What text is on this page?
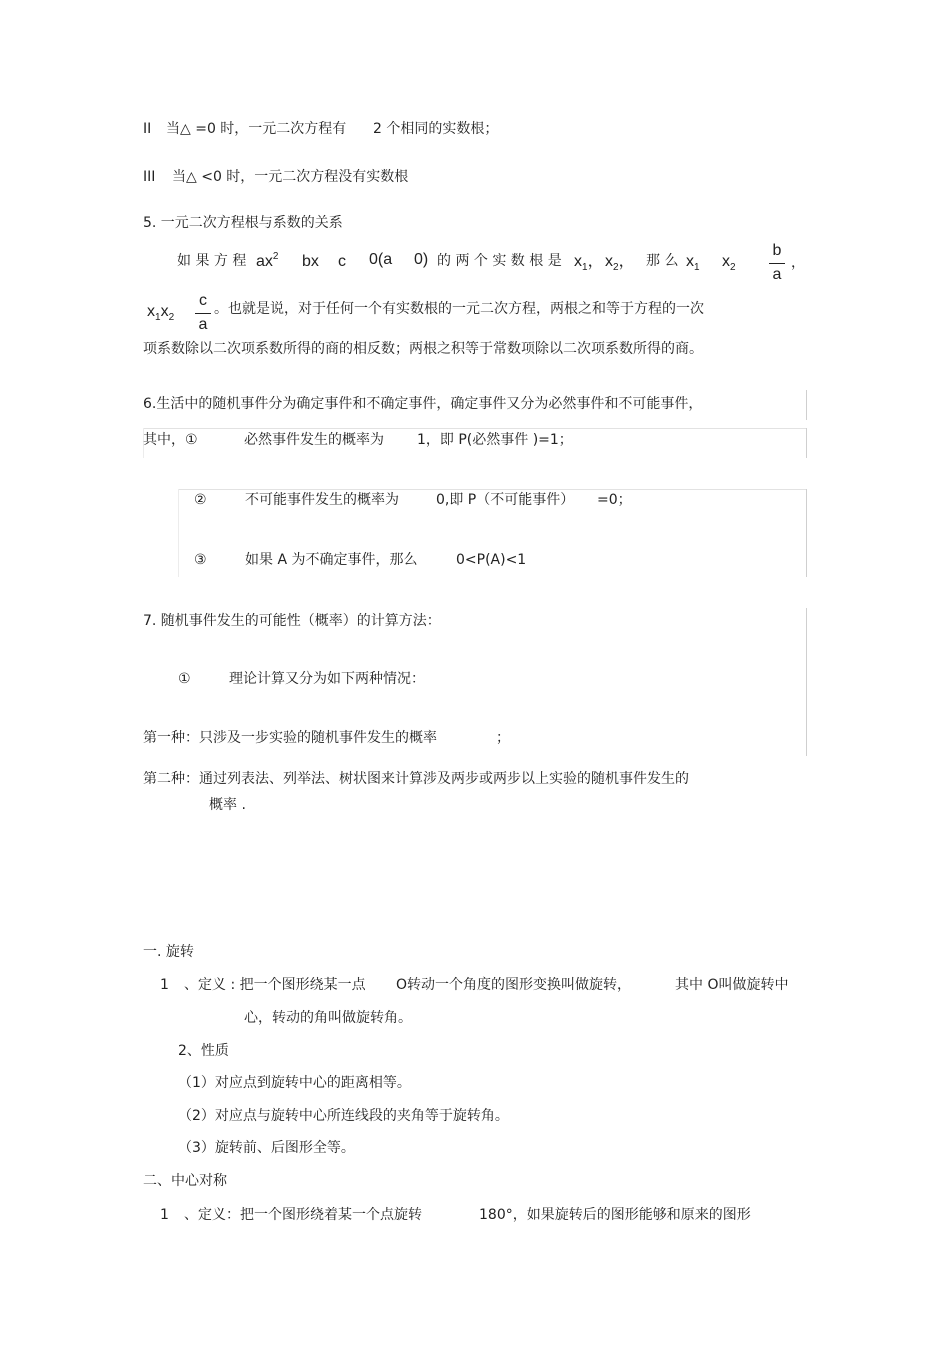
II 当△ =0 时，一元二次方程有 2 个相同的实数根；
III 当△ <0 时，一元二次方程没有实数根
5. 一元二次方程根与系数的关系
如 果 方 程 $ax^2$ bx c 0(a 0) 的 两 个 实 数 根 是 $x_1$， $x_2$， 那 么 $x_1$ $x_2$
b
a
，
$x_1x_2$
c
a
。也就是说，对于任何一个有实数根的一元二次方程，两根之和等于方程的一次
项系数除以二次项系数所得的商的相反数；两根之积等于常数项除以二次项系数所得的商。
6.生活中的随机事件分为确定事件和不确定事件，确定事件又分为必然事件和不可能事件，
其中，①	必然事件发生的概率为 1，即 P(必然事件 )=1；
②	不可能事件发生的概率为	0,即 P（不可能事件） =0；
③	如果 A 为不确定事件，那么	0<P(A)<1
7. 随机事件发生的可能性（概率）的计算方法：
①	理论计算又分为如下两种情况：
第一种：只涉及一步实验的随机事件发生的概率	；
第二种：通过列表法、列举法、树状图来计算涉及两步或两步以上实验的随机事件发生的
概率 .
一. 旋转
1 、定义 : 把一个图形绕某一点 O转动一个角度的图形变换叫做旋转，	其中 O叫做旋转中
心，转动的角叫做旋转角。
2、性质
（1）对应点到旋转中心的距离相等。
（2）对应点与旋转中心所连线段的夹角等于旋转角。
（3）旋转前、后图形全等。
二、中心对称
1 、定义：把一个图形绕着某一个点旋转	180°，如果旋转后的图形能够和原来的图形
